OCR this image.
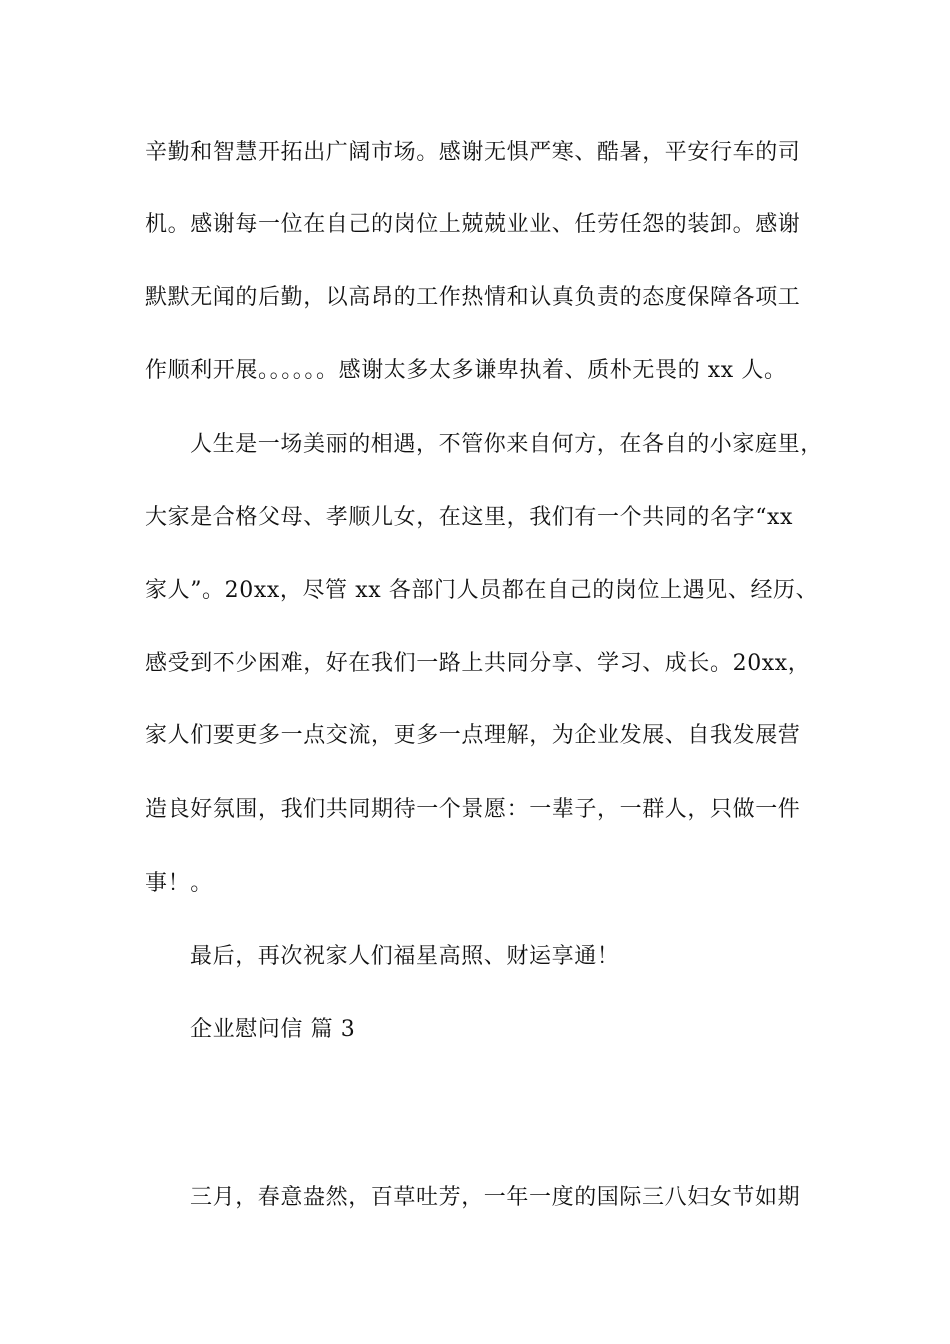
辛勤和智慧开拓出广阔市场。感谢无惧严寒、酷暑，平安行车的司
机。感谢每一位在自己的岗位上兢兢业业、任劳任怨的装卸。感谢
默默无闻的后勤，以高昂的工作热情和认真负责的态度保障各项工
作顺利开展。。。。。。感谢太多太多谦卑执着、质朴无畏的 xx 人。
人生是一场美丽的相遇，不管你来自何方，在各自的小家庭里，
大家是合格父母、孝顺儿女，在这里，我们有一个共同的名字“xx
家人”。20xx，尽管 xx 各部门人员都在自己的岗位上遇见、经历、
感受到不少困难，好在我们一路上共同分享、学习、成长。20xx，
家人们要更多一点交流，更多一点理解，为企业发展、自我发展营
造良好氛围，我们共同期待一个景愿：一辈子，一群人，只做一件
事！。
最后，再次祝家人们福星高照、财运享通！
企业慰问信 篇 3
三月，春意盎然，百草吐芳，一年一度的国际三八妇女节如期
